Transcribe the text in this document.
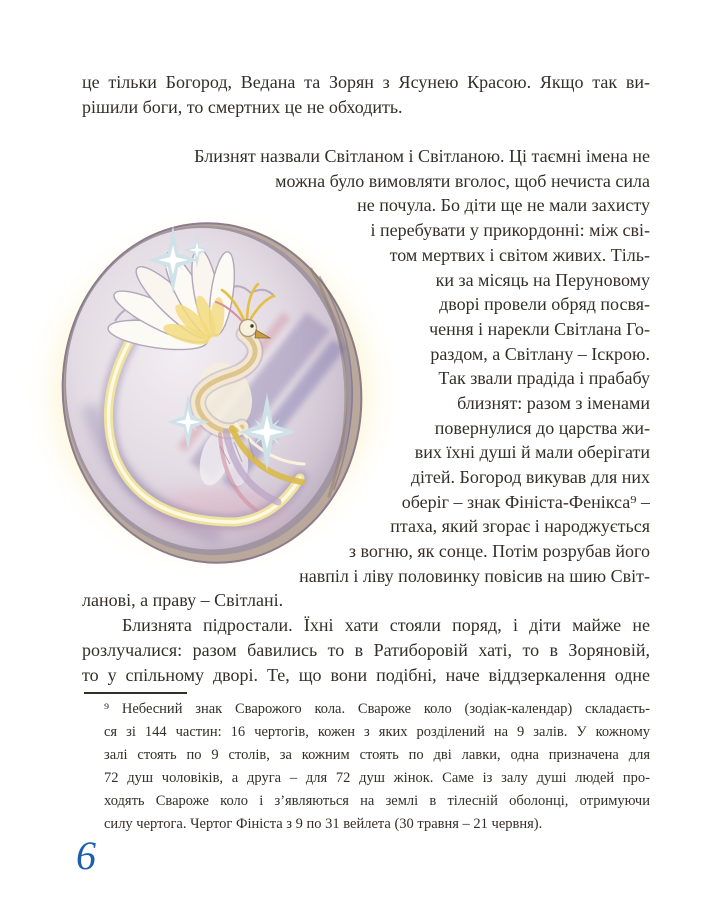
це тільки Богород, Ведана та Зорян з Ясунею Красою. Якщо так ви-
рішили боги, то смертних це не обходить.
Близнят назвали Світланом і Світланою. Ці таємні імена не
можна було вимовляти вголос, щоб нечиста сила
не почула. Бо діти ще не мали захисту
і перебувати у прикордонні: між сві-
том мертвих і світом живих. Тіль-
ки за місяць на Перуновому
дворі провели обряд посвя-
чення і нарекли Світлана Го-
раздом, а Світлану – Іскрою.
Так звали прадіда і прабабу
близнят: разом з іменами
повернулися до царства жи-
вих їхні душі й мали оберігати
дітей. Богород викував для них
оберіг – знак Фініста-Фенікса⁹ –
птаха, який згорає і народжується
з вогню, як сонце. Потім розрубав його
навпіл і ліву половинку повісив на шию Світ-
ланові, а праву – Світлані.
Близнята підростали. Їхні хати стояли поряд, і діти майже не
розлучалися: разом бавились то в Ратиборовій хаті, то в Зоряновій,
то у спільному дворі. Те, що вони подібні, наче віддзеркалення одне
⁹ Небесний знак Сварожого кола. Свароже коло (зодіак-календар) складаєть-
ся зі 144 частин: 16 чертогів, кожен з яких розділений на 9 залів. У кожному
залі стоять по 9 столів, за кожним стоять по дві лавки, одна призначена для
72 душ чоловіків, а друга – для 72 душ жінок. Саме із залу душі людей про-
ходять Свароже коло і з’являються на землі в тілесній оболонці, отримуючи
силу чертога. Чертог Фініста з 9 по 31 вейлета (30 травня – 21 червня).
6
